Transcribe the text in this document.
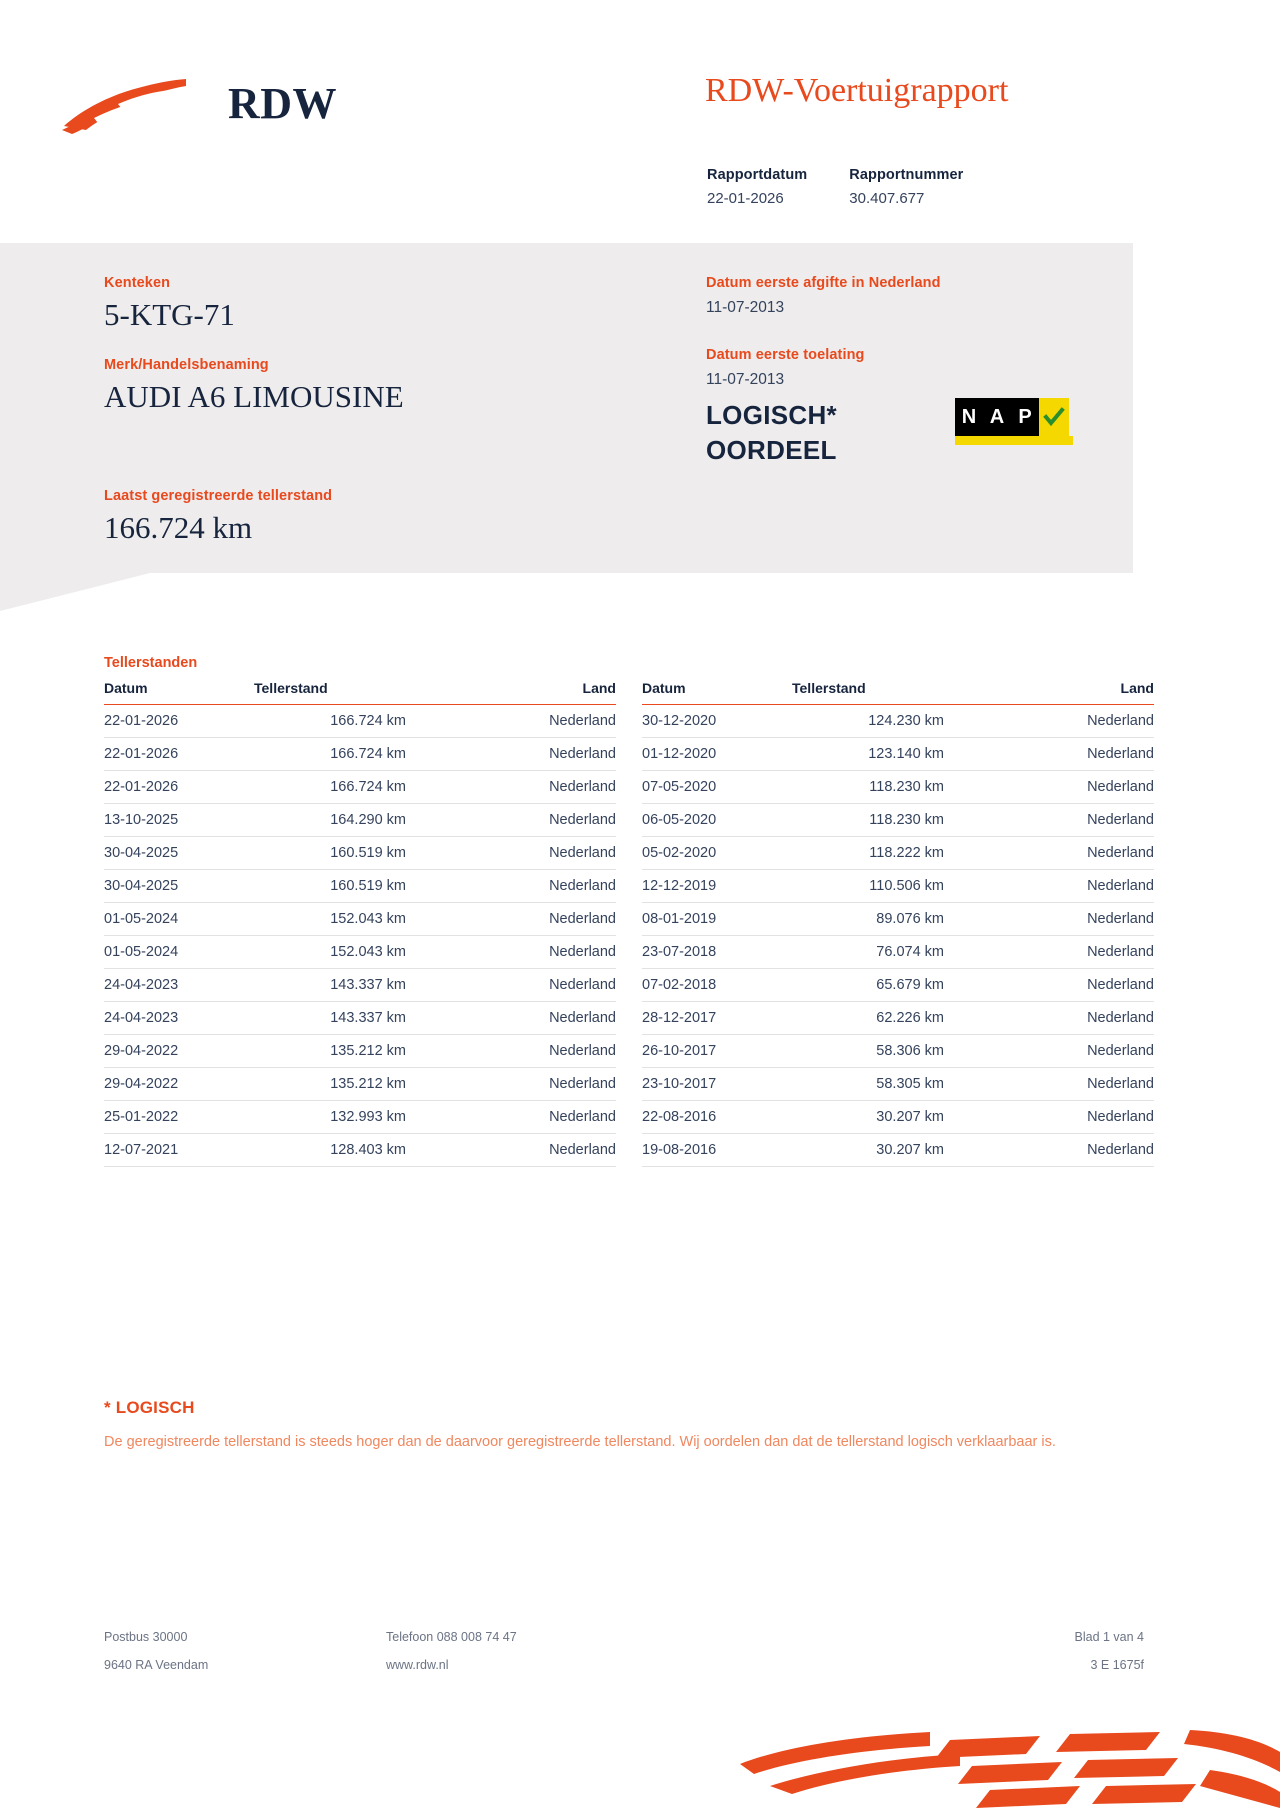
RDW	RDW-Voertuigrapport
Rapportdatum
22-01-2026
Rapportnummer
30.407.677
Kenteken
5-KTG-71
Merk/Handelsbenaming
AUDI A6 LIMOUSINE
Laatst geregistreerde tellerstand
166.724 km
Datum eerste afgifte in Nederland
11-07-2013
Datum eerste toelating
11-07-2013
LOGISCH*
OORDEEL
N A P
Tellerstanden
Datum	Tellerstand	Land
22-01-2026	166.724 km	Nederland
22-01-2026	166.724 km	Nederland
22-01-2026	166.724 km	Nederland
13-10-2025	164.290 km	Nederland
30-04-2025	160.519 km	Nederland
30-04-2025	160.519 km	Nederland
01-05-2024	152.043 km	Nederland
01-05-2024	152.043 km	Nederland
24-04-2023	143.337 km	Nederland
24-04-2023	143.337 km	Nederland
29-04-2022	135.212 km	Nederland
29-04-2022	135.212 km	Nederland
25-01-2022	132.993 km	Nederland
12-07-2021	128.403 km	Nederland
Datum	Tellerstand	Land
30-12-2020	124.230 km	Nederland
01-12-2020	123.140 km	Nederland
07-05-2020	118.230 km	Nederland
06-05-2020	118.230 km	Nederland
05-02-2020	118.222 km	Nederland
12-12-2019	110.506 km	Nederland
08-01-2019	89.076 km	Nederland
23-07-2018	76.074 km	Nederland
07-02-2018	65.679 km	Nederland
28-12-2017	62.226 km	Nederland
26-10-2017	58.306 km	Nederland
23-10-2017	58.305 km	Nederland
22-08-2016	30.207 km	Nederland
19-08-2016	30.207 km	Nederland
* LOGISCH
De geregistreerde tellerstand is steeds hoger dan de daarvoor geregistreerde tellerstand. Wij oordelen dan dat de tellerstand logisch verklaarbaar is.
Postbus 30000	Telefoon 088 008 74 47	Blad 1 van 4
9640 RA Veendam	www.rdw.nl	3 E 1675f
